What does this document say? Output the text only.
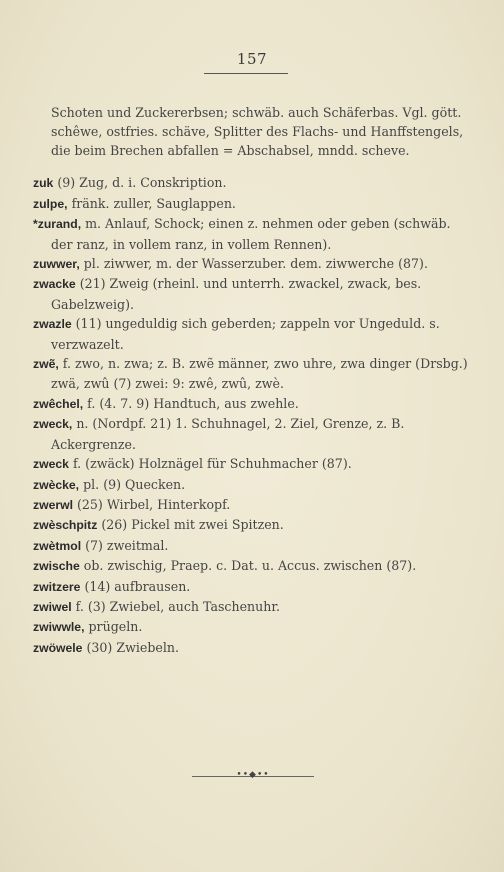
157

Schoten und Zuckererbsen; schwäb. auch Schäferbas. Vgl. gött. schêwe, ostfries. schäve, Splitter des Flachs- und Hanffstengels, die beim Brechen abfallen = Abschabsel, mndd. scheve.

zuk (9) Zug, d. i. Conskription.

zulpe, fränk. zuller, Sauglappen.

*zurand, m. Anlauf, Schock; einen z. nehmen oder geben (schwäb. der ranz, in vollem ranz, in vollem Rennen).

zuwwer, pl. ziwwer, m. der Wasserzuber. dem. ziwwerche (87).

zwacke (21) Zweig (rheinl. und unterrh. zwackel, zwack, bes. Gabelzweig).

zwazle (11) ungeduldig sich geberden; zappeln vor Ungeduld. s. verzwazelt.

zwẽ, f. zwo, n. zwa; z. B. zwẽ männer, zwo uhre, zwa dinger (Drsbg.) zwä, zwû (7) zwei: 9: zwê, zwû, zwè.

zwêchel, f. (4. 7. 9) Handtuch, aus zwehle.

zweck, n. (Nordpf. 21) 1. Schuhnagel, 2. Ziel, Grenze, z. B. Ackergrenze.

zweck f. (zwäck) Holznägel für Schuhmacher (87).

zwècke, pl. (9) Quecken.

zwerwl (25) Wirbel, Hinterkopf.

zwèschpitz (26) Pickel mit zwei Spitzen.

zwètmol (7) zweitmal.

zwische ob. zwischig, Praep. c. Dat. u. Accus. zwischen (87).

zwitzere (14) aufbrausen.

zwiwel f. (3) Zwiebel, auch Taschenuhr.

zwiwwle, prügeln.

zwöwele (30) Zwiebeln.

••◆••
